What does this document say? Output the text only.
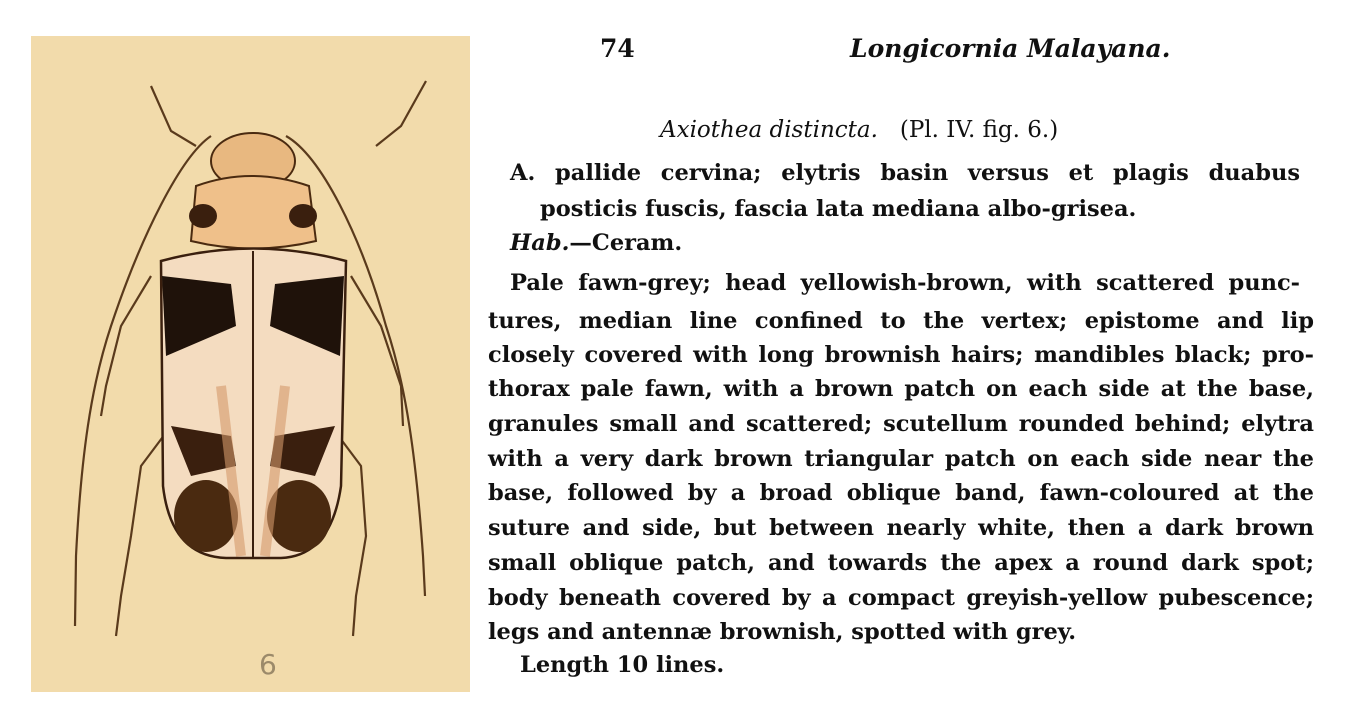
6
74	Longicornia Malayana.
Axiothea distincta. (Pl. IV. fig. 6.)
A. pallide cervina; elytris basin versus et plagis duabus
posticis fuscis, fascia lata mediana albo-grisea.
Hab.—Ceram.
Pale fawn-grey; head yellowish-brown, with scattered punc-
tures, median line confined to the vertex; epistome and lip
closely covered with long brownish hairs; mandibles black; pro-
thorax pale fawn, with a brown patch on each side at the base,
granules small and scattered; scutellum rounded behind; elytra
with a very dark brown triangular patch on each side near the
base, followed by a broad oblique band, fawn-coloured at the
suture and side, but between nearly white, then a dark brown
small oblique patch, and towards the apex a round dark spot;
body beneath covered by a compact greyish-yellow pubescence;
legs and antennæ brownish, spotted with grey.
Length 10 lines.
